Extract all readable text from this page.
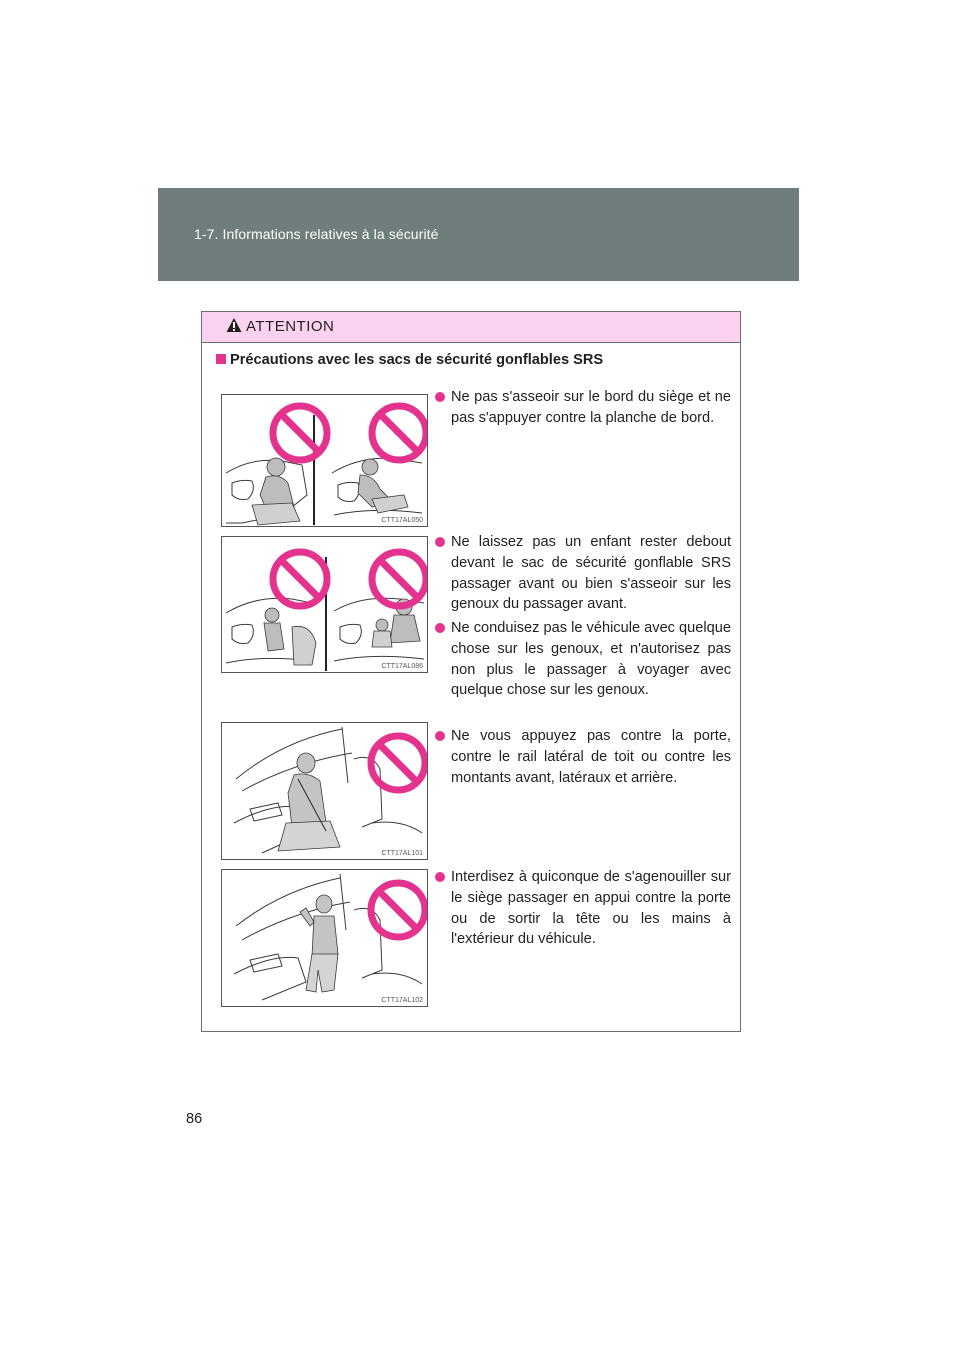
1-7. Informations relatives à la sécurité
ATTENTION
Précautions avec les sacs de sécurité gonflables SRS
CTT17AL050
CTT17AL086
CTT17AL101
CTT17AL102
Ne pas s'asseoir sur le bord du siège et ne pas s'appuyer contre la planche de bord.
Ne laissez pas un enfant rester debout devant le sac de sécurité gonflable SRS passager avant ou bien s'asseoir sur les genoux du passager avant.
Ne conduisez pas le véhicule avec quelque chose sur les genoux, et n'autorisez pas non plus le passager à voyager avec quelque chose sur les genoux.
Ne vous appuyez pas contre la porte, contre le rail latéral de toit ou contre les montants avant, latéraux et arrière.
Interdisez à quiconque de s'agenouiller sur le siège passager en appui contre la porte ou de sortir la tête ou les mains à l'extérieur du véhicule.
86
